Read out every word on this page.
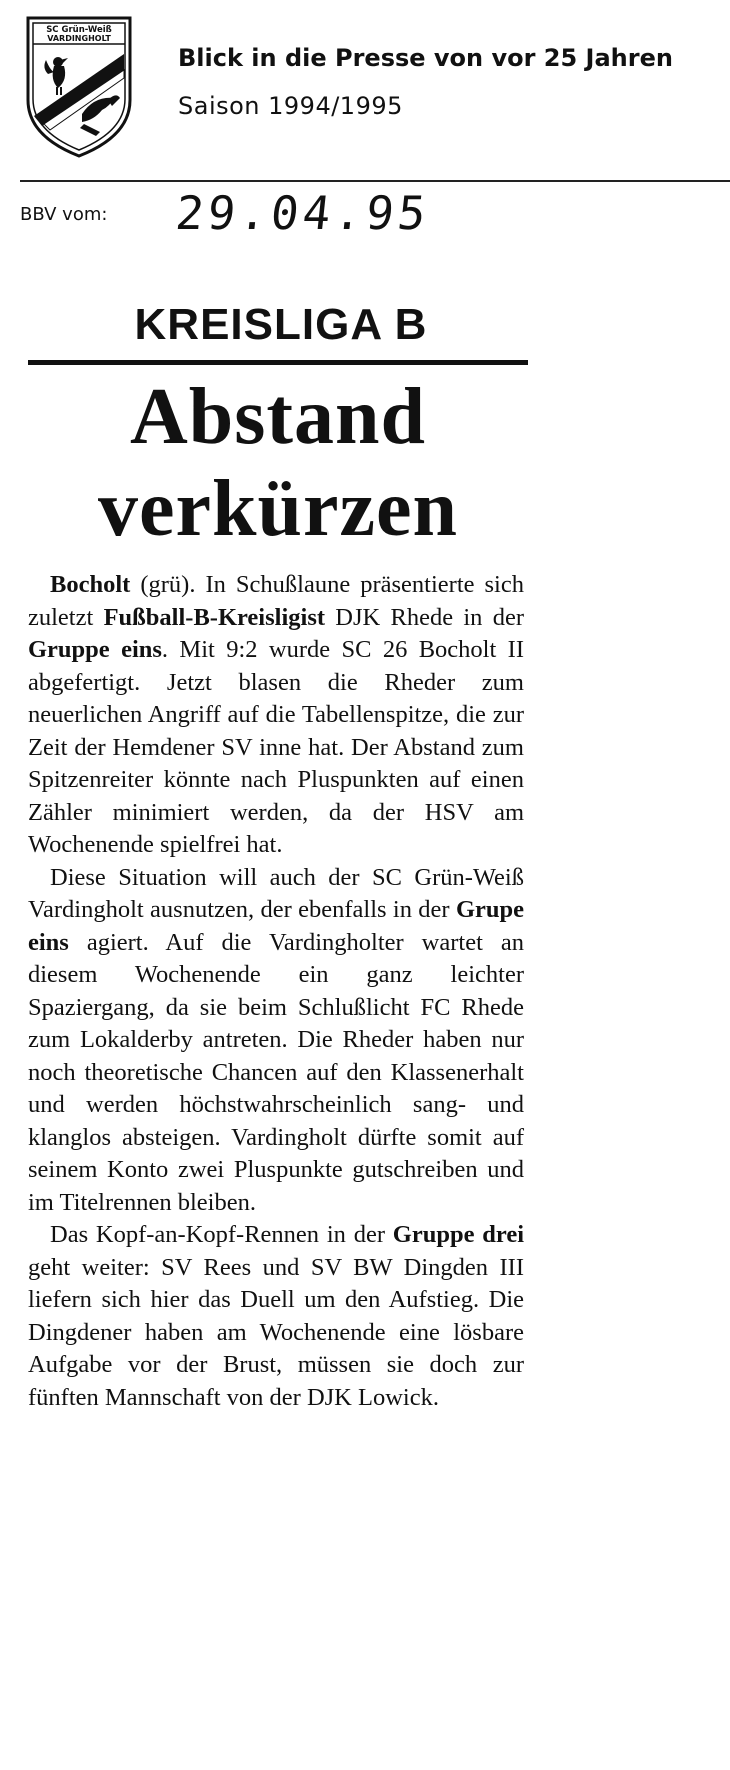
SC Grün-Weiß
VARDINGHOLT
Blick in die Presse von vor 25 Jahren
Saison 1994/1995
BBV vom: 29.04.95
KREISLIGA B
Abstand
verkürzen

Bocholt (grü). In Schußlaune präsentierte sich zuletzt Fußball-B-Kreisligist DJK Rhede in der Gruppe eins. Mit 9:2 wurde SC 26 Bocholt II abgefertigt. Jetzt blasen die Rheder zum neuerlichen Angriff auf die Tabellenspitze, die zur Zeit der Hemdener SV inne hat. Der Abstand zum Spitzenreiter könnte nach Pluspunkten auf einen Zähler minimiert werden, da der HSV am Wochenende spielfrei hat.

Diese Situation will auch der SC Grün-Weiß Vardingholt ausnutzen, der ebenfalls in der Grupe eins agiert. Auf die Vardingholter wartet an diesem Wochenende ein ganz leichter Spaziergang, da sie beim Schlußlicht FC Rhede zum Lokalderby antreten. Die Rheder haben nur noch theoretische Chancen auf den Klassenerhalt und werden höchstwahrscheinlich sang- und klanglos absteigen. Vardingholt dürfte somit auf seinem Konto zwei Pluspunkte gutschreiben und im Titelrennen bleiben.

Das Kopf-an-Kopf-Rennen in der Gruppe drei geht weiter: SV Rees und SV BW Dingden III liefern sich hier das Duell um den Aufstieg. Die Dingdener haben am Wochenende eine lösbare Aufgabe vor der Brust, müssen sie doch zur fünften Mannschaft von der DJK Lowick.
